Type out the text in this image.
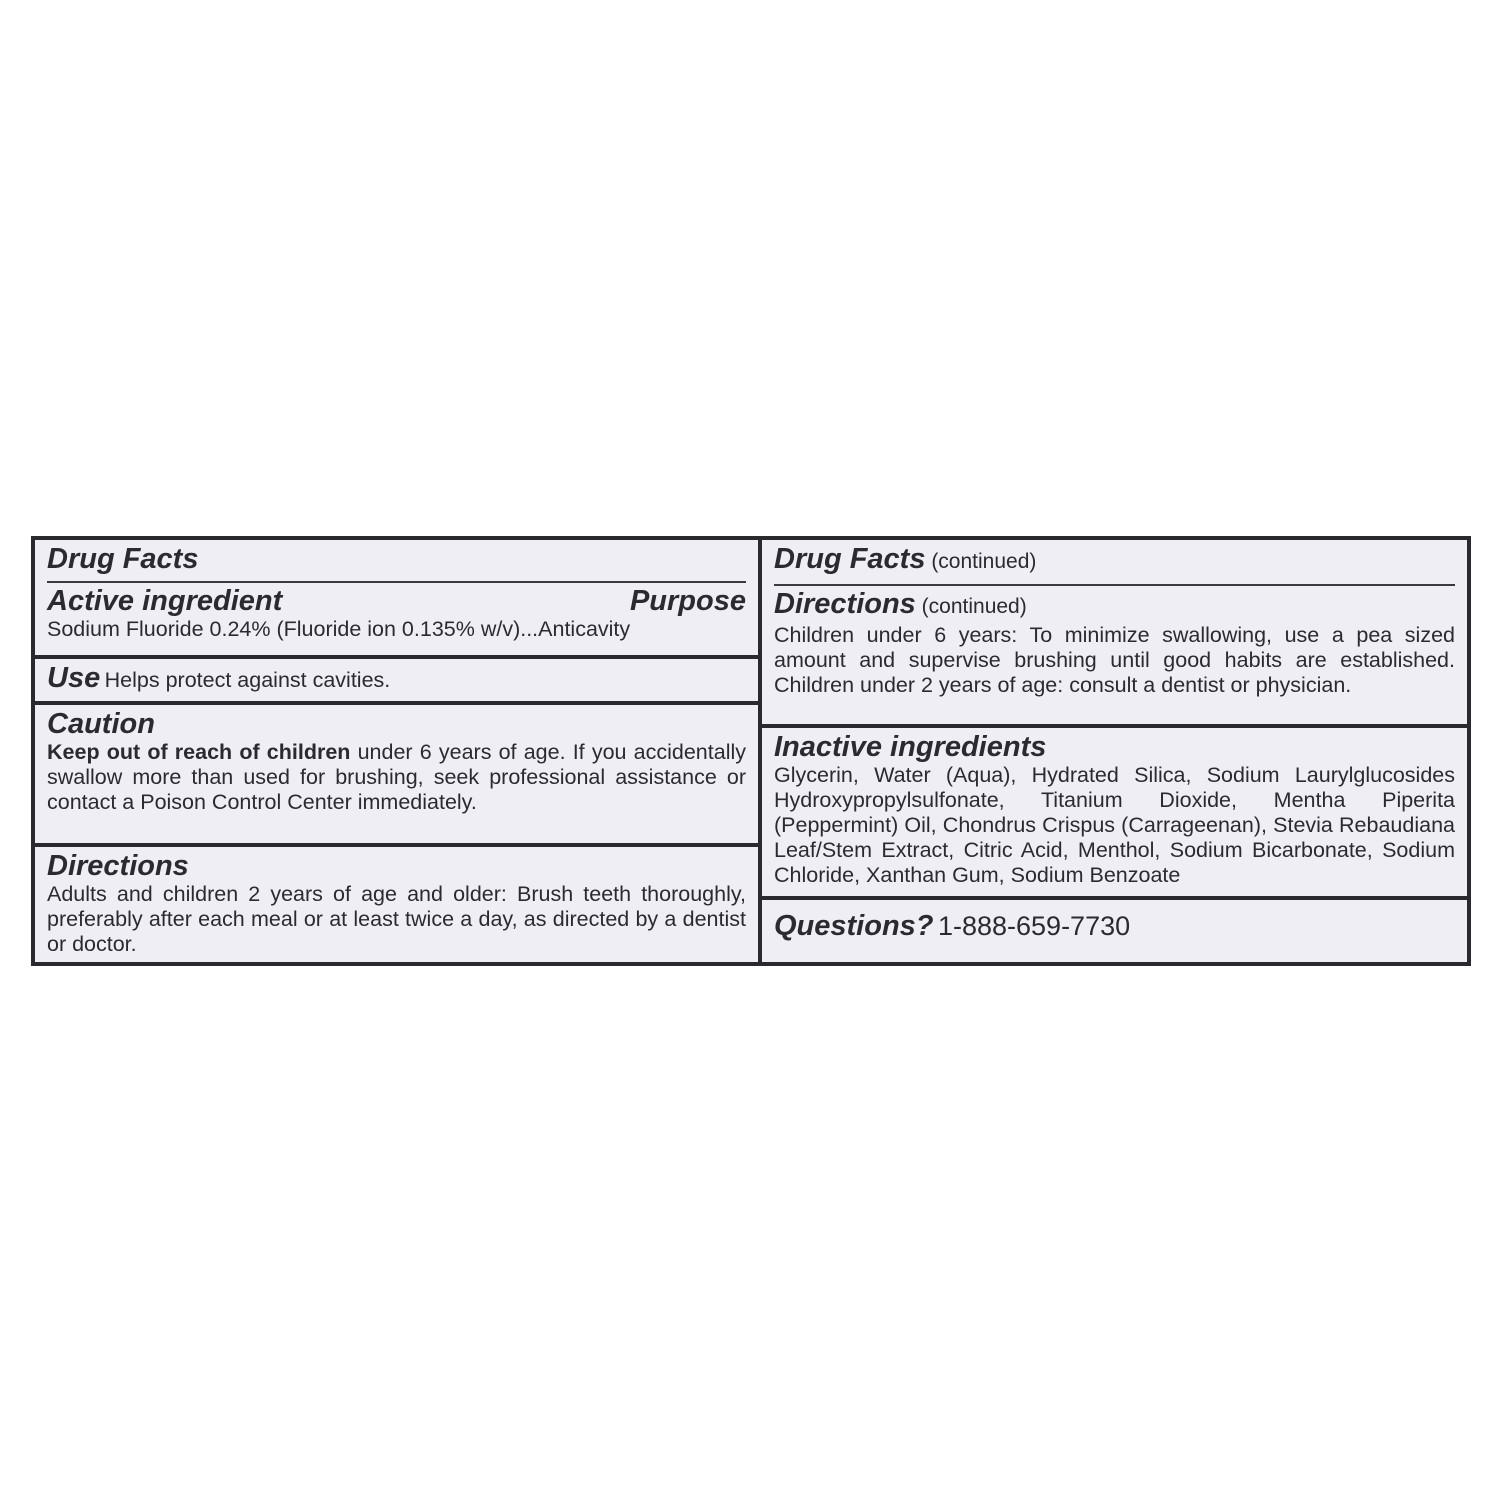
Drug Facts
Active ingredient	Purpose
Sodium Fluoride 0.24% (Fluoride ion 0.135% w/v)...Anticavity
Use Helps protect against cavities.
Caution
Keep out of reach of children under 6 years of age. If you accidentally swallow more than used for brushing, seek professional assistance or contact a Poison Control Center immediately.
Directions
Adults and children 2 years of age and older: Brush teeth thoroughly, preferably after each meal or at least twice a day, as directed by a dentist or doctor.
Drug Facts (continued)
Directions (continued)
Children under 6 years: To minimize swallowing, use a pea sized amount and supervise brushing until good habits are established. Children under 2 years of age: consult a dentist or physician.
Inactive ingredients
Glycerin, Water (Aqua), Hydrated Silica, Sodium Laurylglucosides Hydroxypropylsulfonate, Titanium Dioxide, Mentha Piperita (Peppermint) Oil, Chondrus Crispus (Carrageenan), Stevia Rebaudiana Leaf/Stem Extract, Citric Acid, Menthol, Sodium Bicarbonate, Sodium Chloride, Xanthan Gum, Sodium Benzoate
Questions? 1-888-659-7730
